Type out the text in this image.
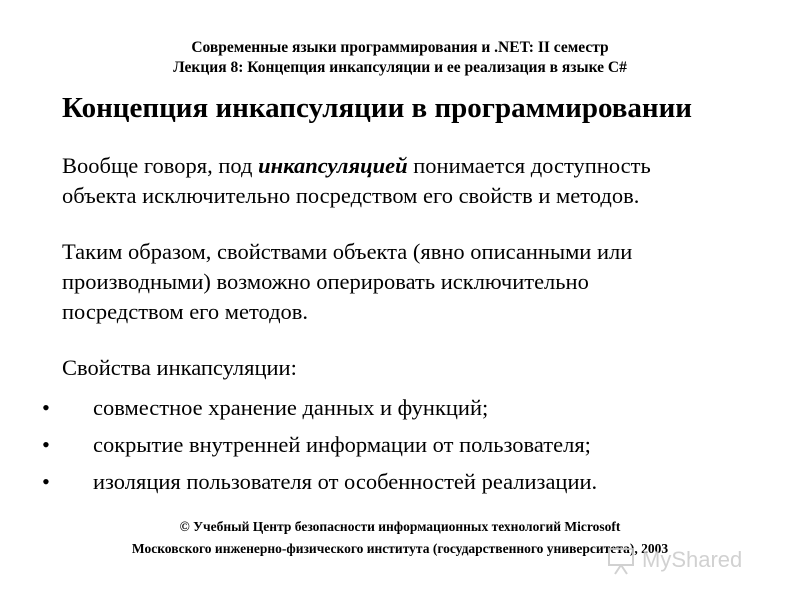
Современные языки программирования и .NET: II семестр
Лекция 8: Концепция инкапсуляции и ее реализация в языке C#
Концепция инкапсуляции в программировании
Вообще говоря, под инкапсуляцией понимается доступность
объекта исключительно посредством его свойств и методов.
Таким образом, свойствами объекта (явно описанными или
производными) возможно оперировать исключительно
посредством его методов.
Свойства инкапсуляции:
• совместное хранение данных и функций;
• сокрытие внутренней информации от пользователя;
• изоляция пользователя от особенностей реализации.
© Учебный Центр безопасности информационных технологий Microsoft
Московского инженерно-физического института (государственного университета), 2003
MyShared
